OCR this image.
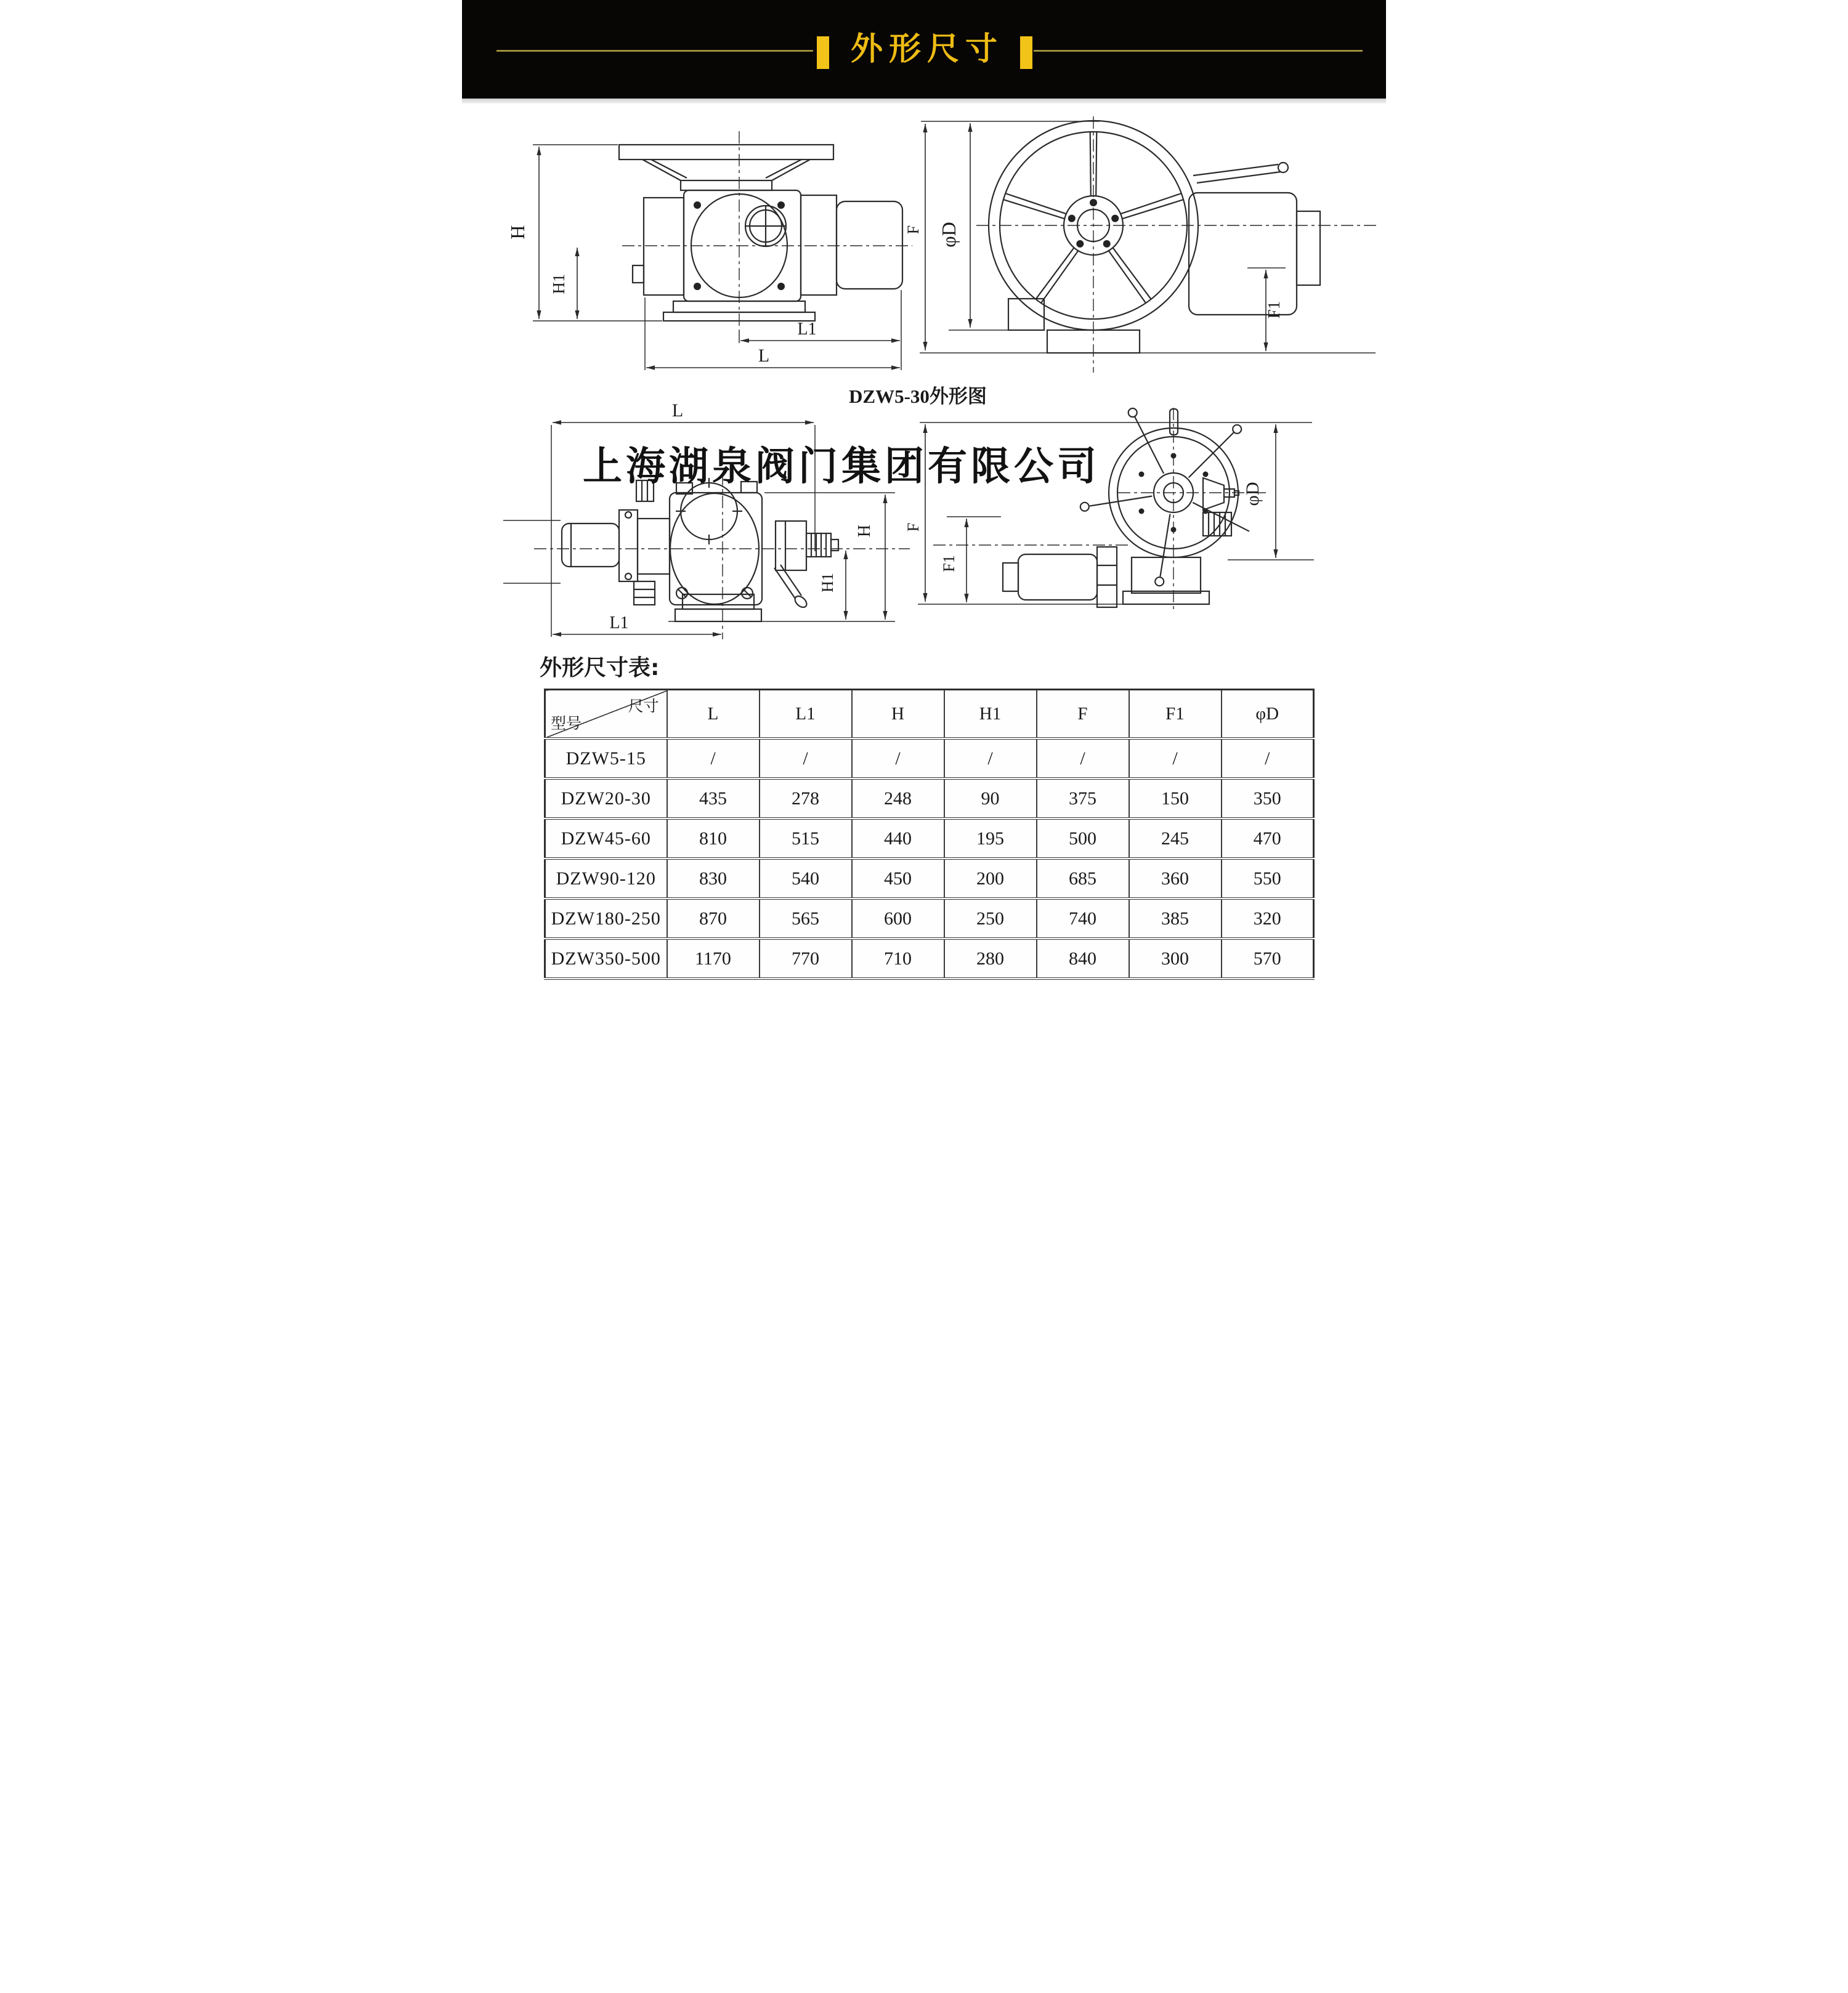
外形尺寸
H
H1
L1
L
F φD
F1
DZW5-30外形图
L
L1
H
H1
F
F1
φD
上海湖泉阀门集团有限公司
外形尺寸表:
尺寸
型号	L	L1	H	H1	F	F1	φD
DZW5-15	/	/	/	/	/	/	/
DZW20-30	435	278	248	90	375	150	350
DZW45-60	810	515	440	195	500	245	470
DZW90-120	830	540	450	200	685	360	550
DZW180-250	870	565	600	250	740	385	320
DZW350-500	1170	770	710	280	840	300	570
